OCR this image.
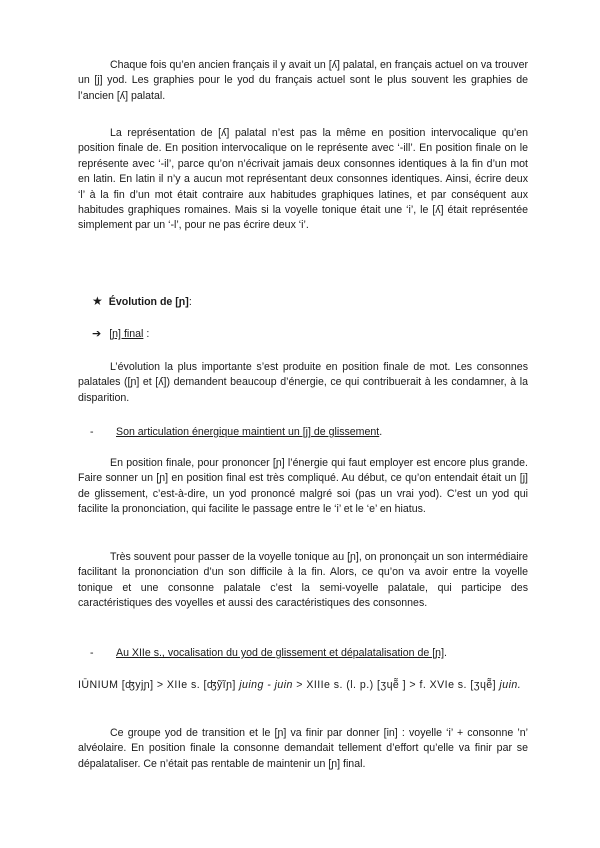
Chaque fois qu’en ancien français il y avait un [ʎ] palatal, en français actuel on va trouver un [j] yod. Les graphies pour le yod du français actuel sont le plus souvent les graphies de l’ancien [ʎ] palatal.

La représentation de [ʎ] palatal n’est pas la même en position intervocalique qu’en position finale de. En position intervocalique on le représente avec ‘-ill’. En position finale on le représente avec ‘-il’, parce qu’on n’écrivait jamais deux consonnes identiques à la fin d’un mot en latin. En latin il n’y a aucun mot représentant deux consonnes identiques. Ainsi, écrire deux ‘l’ à la fin d’un mot était contraire aux habitudes graphiques latines, et par conséquent aux habitudes graphiques romaines. Mais si la voyelle tonique était une ‘i’, le [ʎ] était représentée simplement par un ‘-l’, pour ne pas écrire deux ‘i’.

★ Évolution de [ɲ]:
➔ [ɲ] final :

L’évolution la plus importante s’est produite en position finale de mot. Les consonnes palatales ([ɲ] et [ʎ]) demandent beaucoup d’énergie, ce qui contribuerait à les condamner, à la disparition.

- Son articulation énergique maintient un [j] de glissement.

En position finale, pour prononcer [ɲ] l’énergie qui faut employer est encore plus grande. Faire sonner un [ɲ] en position final est très compliqué. Au début, ce qu’on entendait était un [j] de glissement, c’est-à-dire, un yod prononcé malgré soi (pas un vrai yod). C’est un yod qui facilite la prononciation, qui facilite le passage entre le ‘i’ et le ‘e’ en hiatus.

Très souvent pour passer de la voyelle tonique au [ɲ], on prononçait un son intermédiaire facilitant la prononciation d’un son difficile à la fin. Alors, ce qu’on va avoir entre la voyelle tonique et une consonne palatale c’est la semi-voyelle palatale, qui participe des caractéristiques des voyelles et aussi des caractéristiques des consonnes.

- Au XIIe s., vocalisation du yod de glissement et dépalatalisation de [ɲ].

IŪNIUM [ʤyjɲ] > XIIe s. [ʤỹĩɲ] juing - juin > XIIIe s. (l. p.) [ʒɥẽ̃ ] > f. XVIe s. [ʒɥẽ̃] juin.

Ce groupe yod de transition et le [ɲ] va finir par donner [in] : voyelle ‘i’ + consonne ’n’ alvéolaire. En position finale la consonne demandait tellement d’effort qu’elle va finir par se dépalataliser. Ce n’était pas rentable de maintenir un [ɲ] final.
